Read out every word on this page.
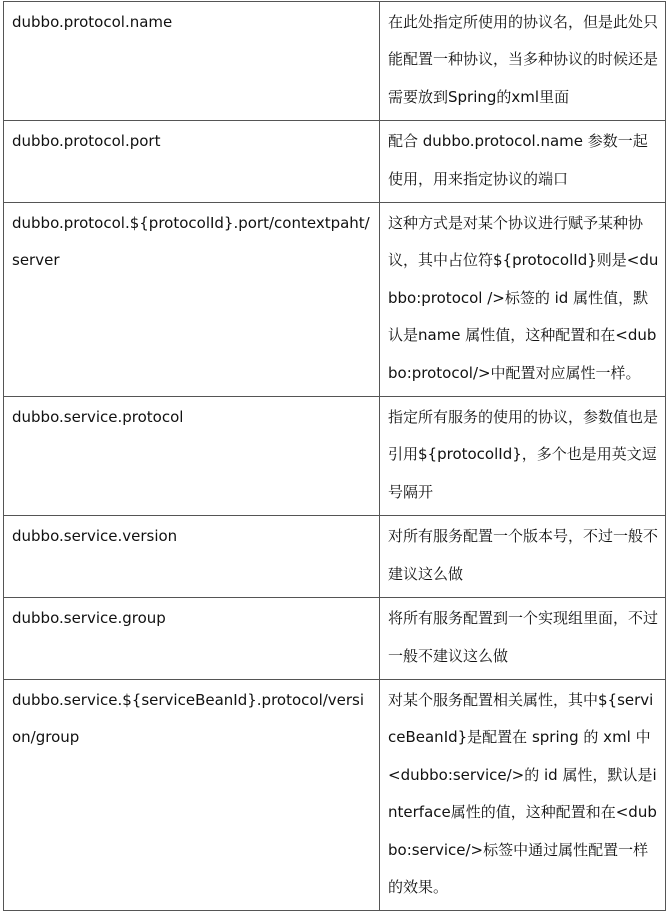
dubbo.protocol.name	在此处指定所使用的协议名，但是此处只能配置一种协议，当多种协议的时候还是需要放到Spring的xml里面
dubbo.protocol.port	配合 dubbo.protocol.name 参数一起使用，用来指定协议的端口
dubbo.protocol.${protocolId}.port/contextpaht/server	这种方式是对某个协议进行赋予某种协议，其中占位符${protocolId}则是<dubbo:protocol />标签的 id 属性值，默认是name 属性值，这种配置和在<dubbo:protocol/>中配置对应属性一样。
dubbo.service.protocol	指定所有服务的使用的协议，参数值也是引用${protocolId}，多个也是用英文逗号隔开
dubbo.service.version	对所有服务配置一个版本号，不过一般不建议这么做
dubbo.service.group	将所有服务配置到一个实现组里面，不过一般不建议这么做
dubbo.service.${serviceBeanId}.protocol/version/group	对某个服务配置相关属性，其中${serviceBeanId}是配置在 spring 的 xml 中<dubbo:service/>的 id 属性，默认是interface属性的值，这种配置和在<dubbo:service/>标签中通过属性配置一样的效果。
